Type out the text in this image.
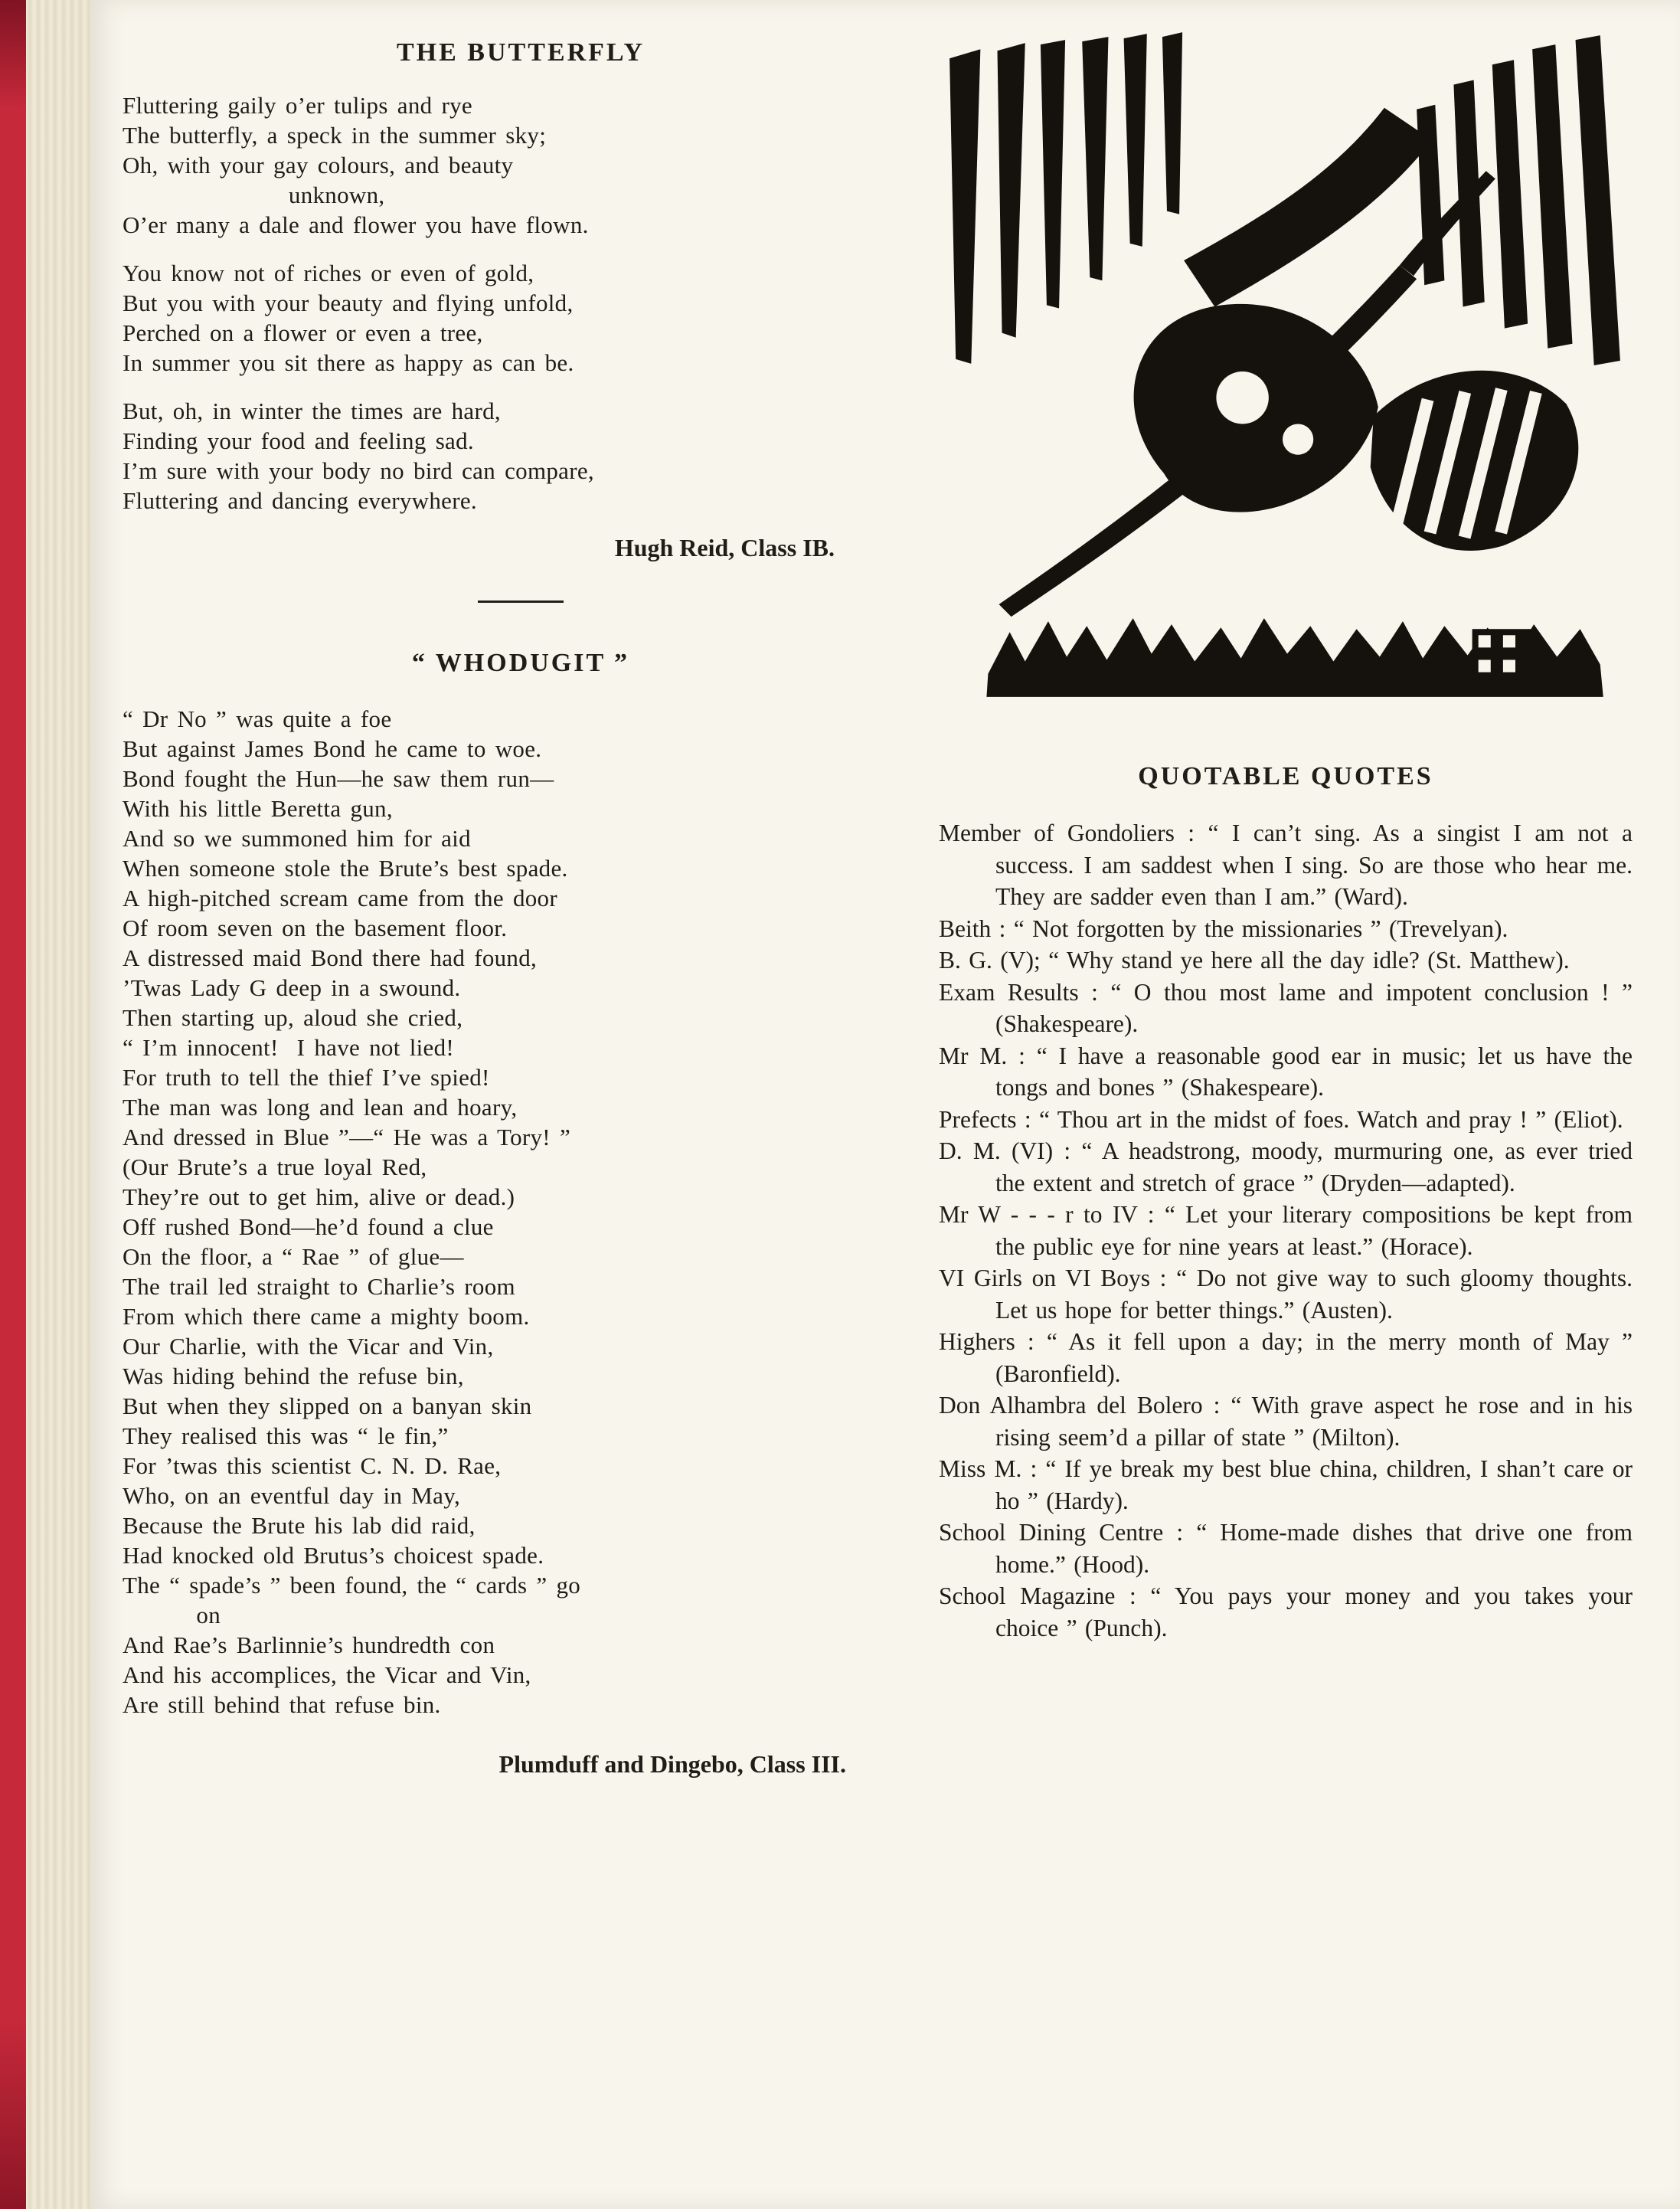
THE BUTTERFLY
Fluttering gaily o’er tulips and rye
The butterfly, a speck in the summer sky;
Oh, with your gay colours, and beauty
unknown,
O’er many a dale and flower you have flown.
You know not of riches or even of gold,
But you with your beauty and flying unfold,
Perched on a flower or even a tree,
In summer you sit there as happy as can be.
But, oh, in winter the times are hard,
Finding your food and feeling sad.
I’m sure with your body no bird can compare,
Fluttering and dancing everywhere.
Hugh Reid, Class IB.
“ WHODUGIT ”
“ Dr No ” was quite a foe
But against James Bond he came to woe.
Bond fought the Hun—he saw them run—
With his little Beretta gun,
And so we summoned him for aid
When someone stole the Brute’s best spade.
A high-pitched scream came from the door
Of room seven on the basement floor.
A distressed maid Bond there had found,
’Twas Lady G deep in a swound.
Then starting up, aloud she cried,
“ I’m innocent!  I have not lied!
For truth to tell the thief I’ve spied!
The man was long and lean and hoary,
And dressed in Blue ”—“ He was a Tory! ”
(Our Brute’s a true loyal Red,
They’re out to get him, alive or dead.)
Off rushed Bond—he’d found a clue
On the floor, a “ Rae ” of glue—
The trail led straight to Charlie’s room
From which there came a mighty boom.
Our Charlie, with the Vicar and Vin,
Was hiding behind the refuse bin,
But when they slipped on a banyan skin
They realised this was “ le fin,”
For ’twas this scientist C. N. D. Rae,
Who, on an eventful day in May,
Because the Brute his lab did raid,
Had knocked old Brutus’s choicest spade.
The “ spade’s ” been found, the “ cards ” go
on
And Rae’s Barlinnie’s hundredth con
And his accomplices, the Vicar and Vin,
Are still behind that refuse bin.
Plumduff and Dingebo, Class III.
QUOTABLE QUOTES

Member of Gondoliers : “ I can’t sing. As a singist I am not a success. I am saddest when I sing. So are those who hear me. They are sadder even than I am.” (Ward).

Beith : “ Not forgotten by the missionaries ” (Trevelyan).

B. G. (V); “ Why stand ye here all the day idle? (St. Matthew).

Exam Results : “ O thou most lame and impotent conclusion ! ” (Shakespeare).

Mr M. : “ I have a reasonable good ear in music; let us have the tongs and bones ” (Shakespeare).

Prefects : “ Thou art in the midst of foes. Watch and pray ! ” (Eliot).

D. M. (VI) : “ A headstrong, moody, murmuring one, as ever tried the extent and stretch of grace ” (Dryden—adapted).

Mr W - - - r to IV : “ Let your literary compositions be kept from the public eye for nine years at least.” (Horace).

VI Girls on VI Boys : “ Do not give way to such gloomy thoughts. Let us hope for better things.” (Austen).

Highers : “ As it fell upon a day; in the merry month of May ” (Baronfield).

Don Alhambra del Bolero : “ With grave aspect he rose and in his rising seem’d a pillar of state ” (Milton).

Miss M. : “ If ye break my best blue china, children, I shan’t care or ho ” (Hardy).

School Dining Centre : “ Home-made dishes that drive one from home.” (Hood).

School Magazine : “ You pays your money and you takes your choice ” (Punch).
